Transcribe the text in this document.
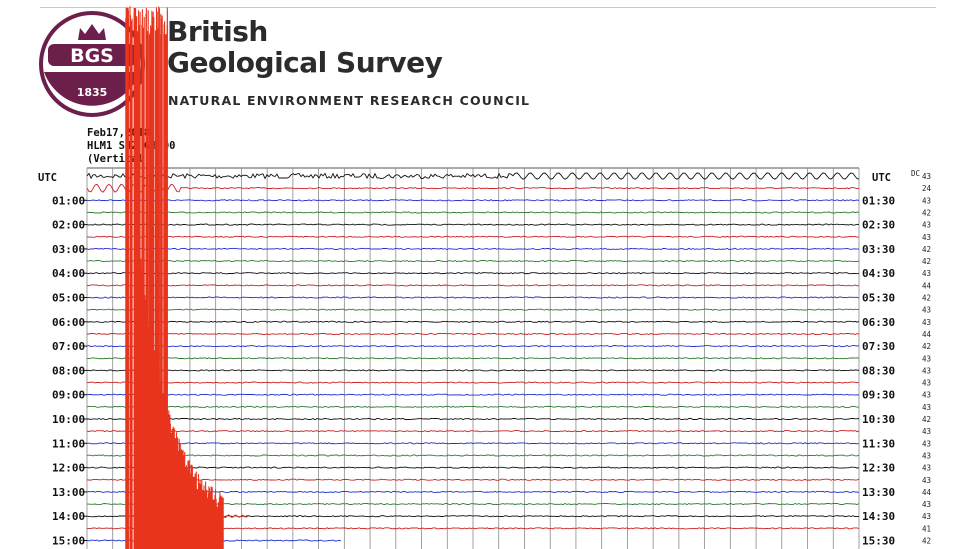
BGS
1835
British
Geological Survey
NATURAL ENVIRONMENT RESEARCH COUNCIL
Feb17,2018
HLM1 SHZ GB 00
(Vertical)
43
24
43
42
43
43
42
42
43
44
42
43
43
44
42
43
43
43
43
43
42
43
43
43
43
43
44
43
43
41
42
01:00
02:00
03:00
04:00
05:00
06:00
07:00
08:00
09:00
10:00
11:00
12:00
13:00
14:00
15:00
01:30
02:30
03:30
04:30
05:30
06:30
07:30
08:30
09:30
10:30
11:30
12:30
13:30
14:30
15:30
UTC	UTC	DC
